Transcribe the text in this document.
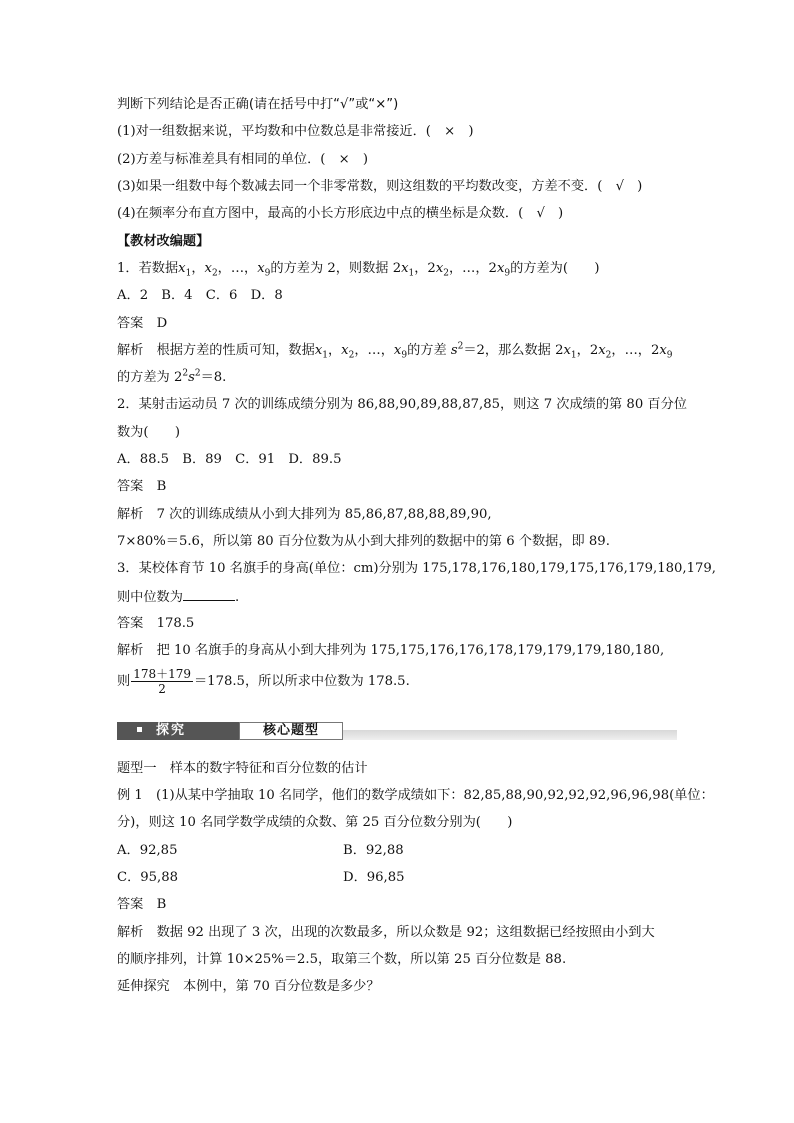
判断下列结论是否正确(请在括号中打“√”或“×”)
(1)对一组数据来说，平均数和中位数总是非常接近．(　×　)
(2)方差与标准差具有相同的单位．(　×　)
(3)如果一组数中每个数减去同一个非零常数，则这组数的平均数改变，方差不变．(　√　)
(4)在频率分布直方图中，最高的小长方形底边中点的横坐标是众数．(　√　)
【教材改编题】
1．若数据$x_1$，$x_2$，…，$x_9$的方差为 2，则数据 $2x_1$，$2x_2$，…，$2x_9$的方差为(　　)
A．2　B．4　C．6　D．8
答案　 D
解析　 根据方差的性质可知，数据$x_1$，$x_2$，…，$x_9$的方差 $s^2=2$，那么数据 $2x_1$，$2x_2$，…，$2x_9$
的方差为 $2^2s^2=8$.
2．某射击运动员 7 次的训练成绩分别为 86,88,90,89,88,87,85，则这 7 次成绩的第 80 百分位
数为(　　)
A．88.5　B．89　C．91　D．89.5
答案　 B
解析　 7 次的训练成绩从小到大排列为 85,86,87,88,88,89,90,
7×80%＝5.6，所以第 80 百分位数为从小到大排列的数据中的第 6 个数据，即 89.
3．某校体育节 10 名旗手的身高(单位：cm)分别为 175,178,176,180,179,175,176,179,180,179,
则中位数为	.
答案　 178.5
解析　 把 10 名旗手的身高从小到大排列为 175,175,176,176,178,179,179,179,180,180,
则 $\frac{178+179}{2} =178.5$，所以所求中位数为 178.5.
探究	核心题型
题型一　样本的数字特征和百分位数的估计
例 1　(1)从某中学抽取 10 名同学，他们的数学成绩如下：82,85,88,90,92,92,92,96,96,98(单位：
分)，则这 10 名同学数学成绩的众数、第 25 百分位数分别为(　　)
A．92,85	B．92,88
C．95,88	D．96,85
答案　 B
解析　 数据 92 出现了 3 次，出现的次数最多，所以众数是 92；这组数据已经按照由小到大
的顺序排列，计算 10×25%＝2.5，取第三个数，所以第 25 百分位数是 88.
延伸探究　 本例中，第 70 百分位数是多少？
